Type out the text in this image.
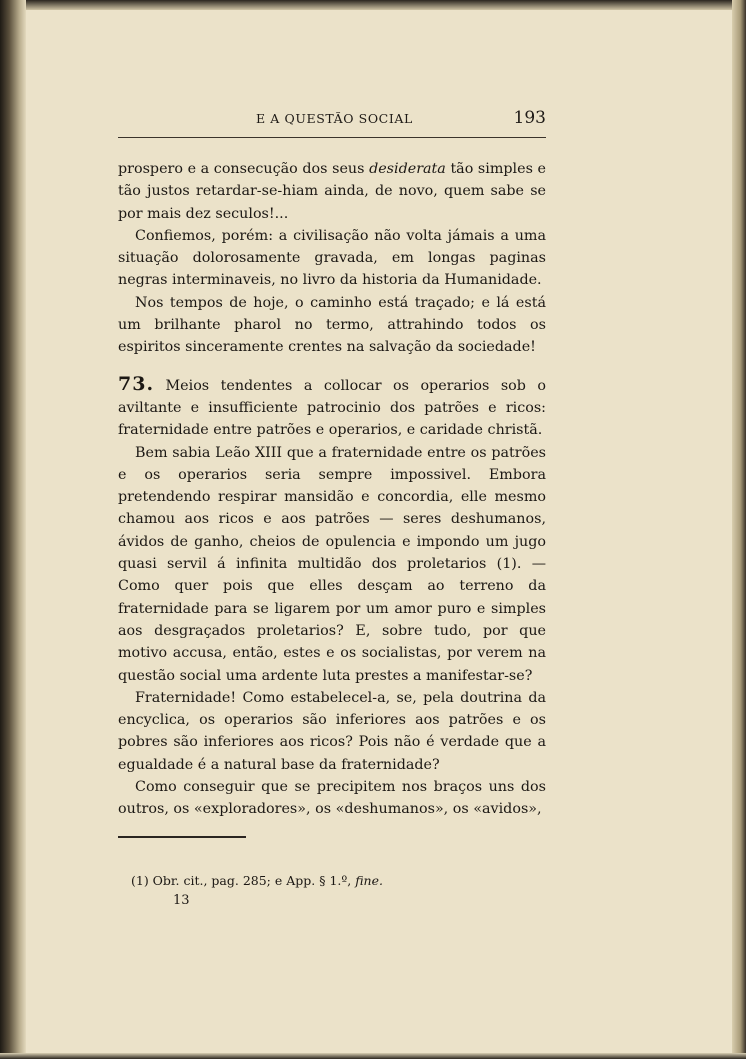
E A QUESTÃO SOCIAL	193

prospero e a consecução dos seus desiderata tão simples e tão justos retardar-se-hiam ainda, de novo, quem sabe se por mais dez seculos!...

Confiemos, porém: a civilisação não volta jámais a uma situação dolorosamente gravada, em longas paginas negras interminaveis, no livro da historia da Humanidade.

Nos tempos de hoje, o caminho está traçado; e lá está um brilhante pharol no termo, attrahindo todos os espiritos sinceramente crentes na salvação da sociedade!

73. Meios tendentes a collocar os operarios sob o aviltante e insufficiente patrocinio dos patrões e ricos: fraternidade entre patrões e operarios, e caridade christã.

Bem sabia Leão XIII que a fraternidade entre os patrões e os operarios seria sempre impossivel. Embora pretendendo respirar mansidão e concordia, elle mesmo chamou aos ricos e aos patrões — seres deshumanos, ávidos de ganho, cheios de opulencia e impondo um jugo quasi servil á infinita multidão dos proletarios (1). — Como quer pois que elles desçam ao terreno da fraternidade para se ligarem por um amor puro e simples aos desgraçados proletarios? E, sobre tudo, por que motivo accusa, então, estes e os socialistas, por verem na questão social uma ardente luta prestes a manifestar-se?

Fraternidade! Como estabelecel-a, se, pela doutrina da encyclica, os operarios são inferiores aos patrões e os pobres são inferiores aos ricos? Pois não é verdade que a egualdade é a natural base da fraternidade?

Como conseguir que se precipitem nos braços uns dos outros, os «exploradores», os «deshumanos», os «avidos»,

(1) Obr. cit., pag. 285; e App. § 1.º, fine.
13
